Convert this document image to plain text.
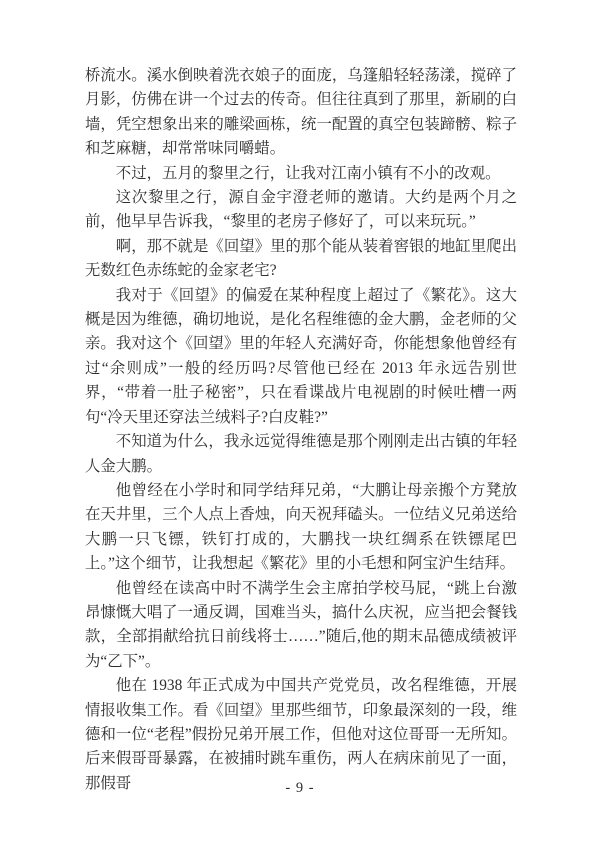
桥流水。溪水倒映着洗衣娘子的面庞，乌篷船轻轻荡漾，搅碎了月影，仿佛在讲一个过去的传奇。但往往真到了那里，新刷的白墙，凭空想象出来的雕梁画栋，统一配置的真空包装蹄髈、粽子和芝麻糖，却常常味同嚼蜡。

不过，五月的黎里之行，让我对江南小镇有不小的改观。

这次黎里之行，源自金宇澄老师的邀请。大约是两个月之前，他早早告诉我，“黎里的老房子修好了，可以来玩玩。”

啊，那不就是《回望》里的那个能从装着窖银的地缸里爬出无数红色赤练蛇的金家老宅?

我对于《回望》的偏爱在某种程度上超过了《繁花》。这大概是因为维德，确切地说，是化名程维德的金大鹏，金老师的父亲。我对这个《回望》里的年轻人充满好奇，你能想象他曾经有过“余则成”一般的经历吗?尽管他已经在 2013 年永远告别世界，“带着一肚子秘密”，只在看谍战片电视剧的时候吐槽一两句“冷天里还穿法兰绒料子?白皮鞋?”

不知道为什么，我永远觉得维德是那个刚刚走出古镇的年轻人金大鹏。

他曾经在小学时和同学结拜兄弟，“大鹏让母亲搬个方凳放在天井里，三个人点上香烛，向天祝拜磕头。一位结义兄弟送给大鹏一只飞镖，铁钉打成的，大鹏找一块红绸系在铁镖尾巴上。”这个细节，让我想起《繁花》里的小毛想和阿宝沪生结拜。

他曾经在读高中时不满学生会主席拍学校马屁，“跳上台激昂慷慨大唱了一通反调，国难当头，搞什么庆祝，应当把会餐钱款，全部捐献给抗日前线将士……”随后,他的期末品德成绩被评为“乙下”。

他在 1938 年正式成为中国共产党党员，改名程维德，开展情报收集工作。看《回望》里那些细节，印象最深刻的一段，维德和一位“老程”假扮兄弟开展工作，但他对这位哥哥一无所知。后来假哥哥暴露，在被捕时跳车重伤，两人在病床前见了一面，那假哥	- 9 -
